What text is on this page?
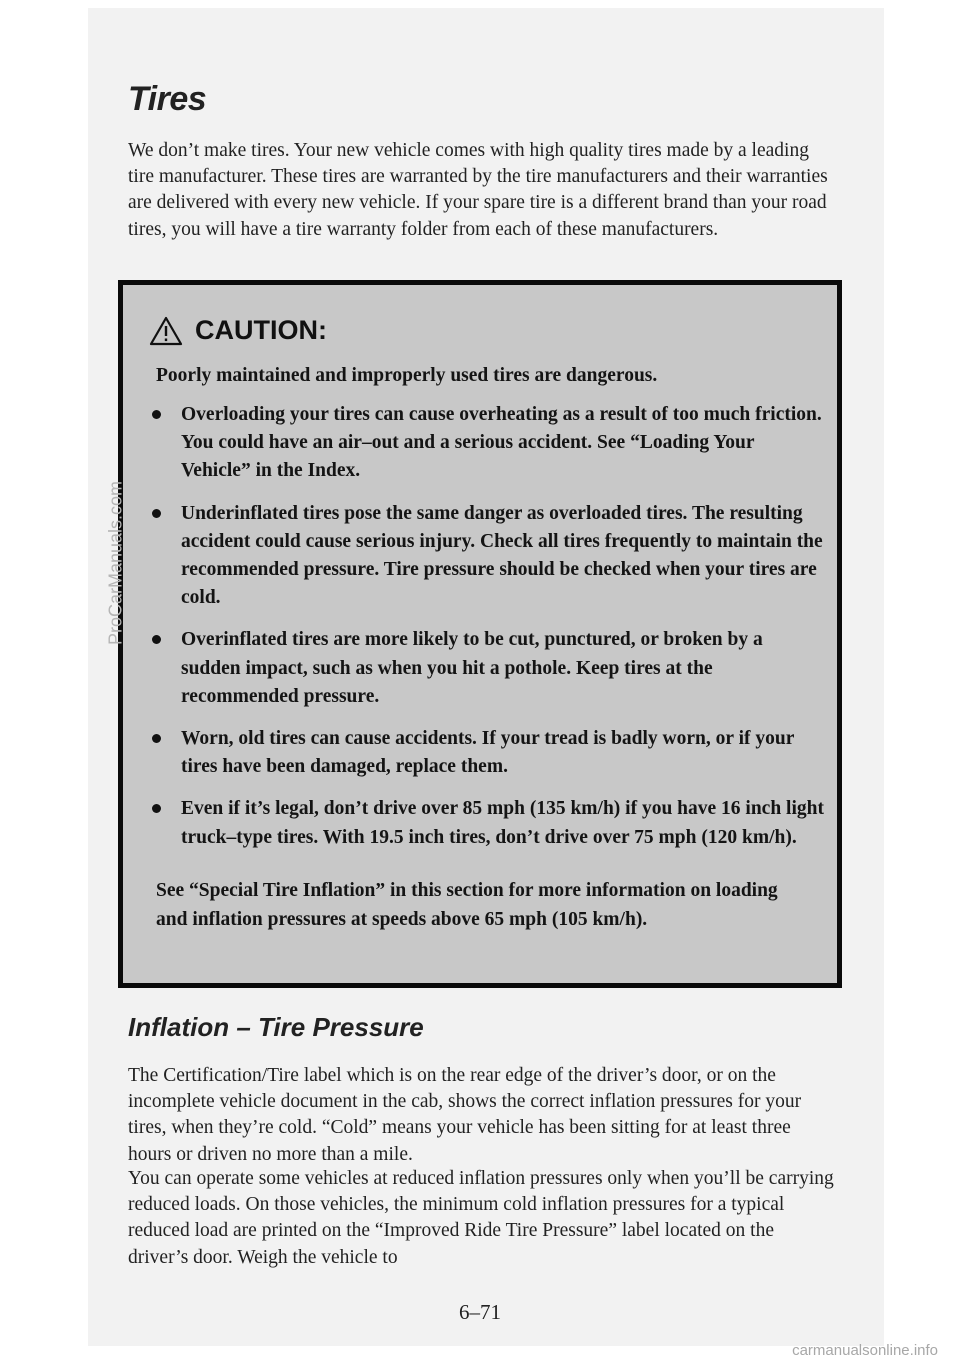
Tires

We don’t make tires. Your new vehicle comes with high quality tires made by a leading tire manufacturer. These tires are warranted by the tire manufacturers and their warranties are delivered with every new vehicle. If your spare tire is a different brand than your road tires, you will have a tire warranty folder from each of these manufacturers.

CAUTION:

Poorly maintained and improperly used tires are dangerous.

Overloading your tires can cause overheating as a result of too much friction. You could have an air–out and a serious accident. See “Loading Your Vehicle” in the Index.
Underinflated tires pose the same danger as overloaded tires. The resulting accident could cause serious injury. Check all tires frequently to maintain the recommended pressure. Tire pressure should be checked when your tires are cold.
Overinflated tires are more likely to be cut, punctured, or broken by a sudden impact, such as when you hit a pothole. Keep tires at the recommended pressure.
Worn, old tires can cause accidents. If your tread is badly worn, or if your tires have been damaged, replace them.
Even if it’s legal, don’t drive over 85 mph (135 km/h) if you have 16 inch light truck–type tires. With 19.5 inch tires, don’t drive over 75 mph (120 km/h).

See “Special Tire Inflation” in this section for more information on loading and inflation pressures at speeds above 65 mph (105 km/h).

Inflation – Tire Pressure

The Certification/Tire label which is on the rear edge of the driver’s door, or on the incomplete vehicle document in the cab, shows the correct inflation pressures for your tires, when they’re cold. “Cold” means your vehicle has been sitting for at least three hours or driven no more than a mile.

You can operate some vehicles at reduced inflation pressures only when you’ll be carrying reduced loads. On those vehicles, the minimum cold inflation pressures for a typical reduced load are printed on the “Improved Ride Tire Pressure” label located on the driver’s door. Weigh the vehicle to

6–71

ProCarManuals.com
carmanualsonline.info
